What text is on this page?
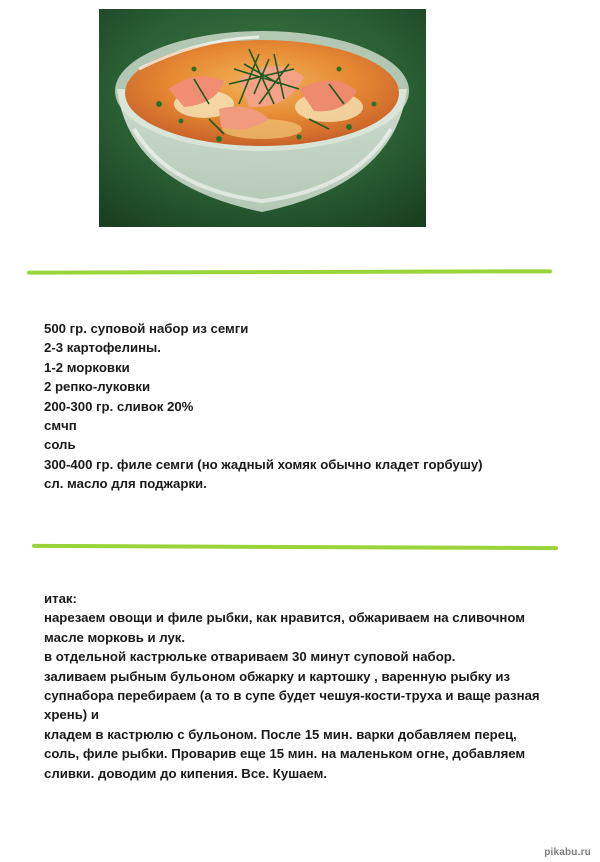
500 гр. суповой набор из семги
2-3 картофелины.
1-2 морковки
2 репко-луковки
200-300 гр. сливок 20%
смчп
соль
300-400 гр. филе семги (но жадный хомяк обычно кладет горбушу)
сл. масло для поджарки.
итак:
нарезаем овощи и филе рыбки, как нравится, обжариваем на сливочном
масле морковь и лук.
в отдельной кастрюльке отвариваем 30 минут суповой набор.
заливаем рыбным бульоном обжарку и картошку , варенную рыбку из
супнабора перебираем (а то в супе будет чешуя-кости-труха и ваще разная
хрень) и
кладем в кастрюлю с бульоном. После 15 мин. варки добавляем перец,
соль, филе рыбки. Проварив еще 15 мин. на маленьком огне, добавляем
сливки. доводим до кипения. Все. Кушаем.
pikabu.ru
